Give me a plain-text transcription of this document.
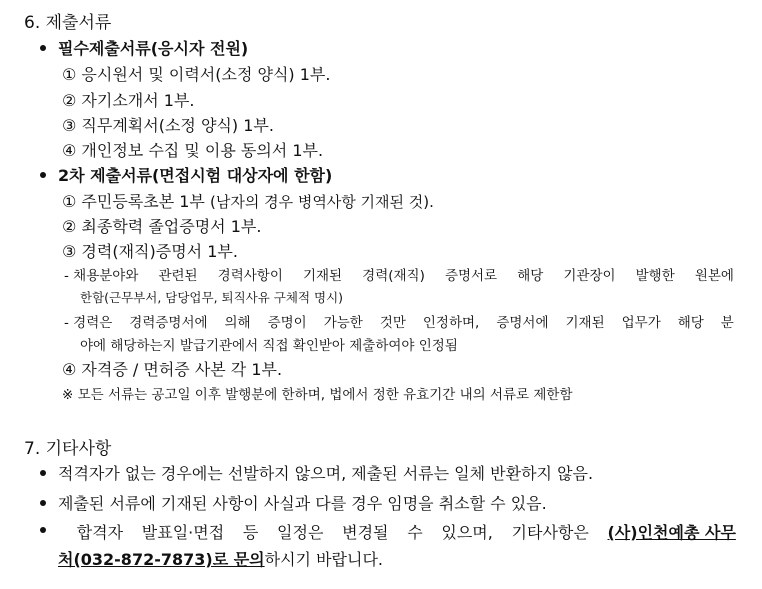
6. 제출서류
필수제출서류(응시자 전원)
① 응시원서 및 이력서(소정 양식) 1부.
② 자기소개서 1부.
③ 직무계획서(소정 양식) 1부.
④ 개인정보 수집 및 이용 동의서 1부.
2차 제출서류(면접시험 대상자에 한함)
① 주민등록초본 1부 (남자의 경우 병역사항 기재된 것).
② 최종학력 졸업증명서 1부.
③ 경력(재직)증명서 1부.
- 채용분야와 관련된 경력사항이 기재된 경력(재직) 증명서로 해당 기관장이 발행한 원본에
한함(근무부서, 담당업무, 퇴직사유 구체적 명시)
- 경력은 경력증명서에 의해 증명이 가능한 것만 인정하며, 증명서에 기재된 업무가 해당 분
야에 해당하는지 발급기관에서 직접 확인받아 제출하여야 인정됨
④ 자격증 / 면허증 사본 각 1부.
※ 모든 서류는 공고일 이후 발행분에 한하며, 법에서 정한 유효기간 내의 서류로 제한함
7. 기타사항
적격자가 없는 경우에는 선발하지 않으며, 제출된 서류는 일체 반환하지 않음.
제출된 서류에 기재된 사항이 사실과 다를 경우 임명을 취소할 수 있음.
합격자 발표일·면접 등 일정은 변경될 수 있으며, 기타사항은 (사)인천예총 사무
처(032-872-7873)로 문의하시기 바랍니다.
